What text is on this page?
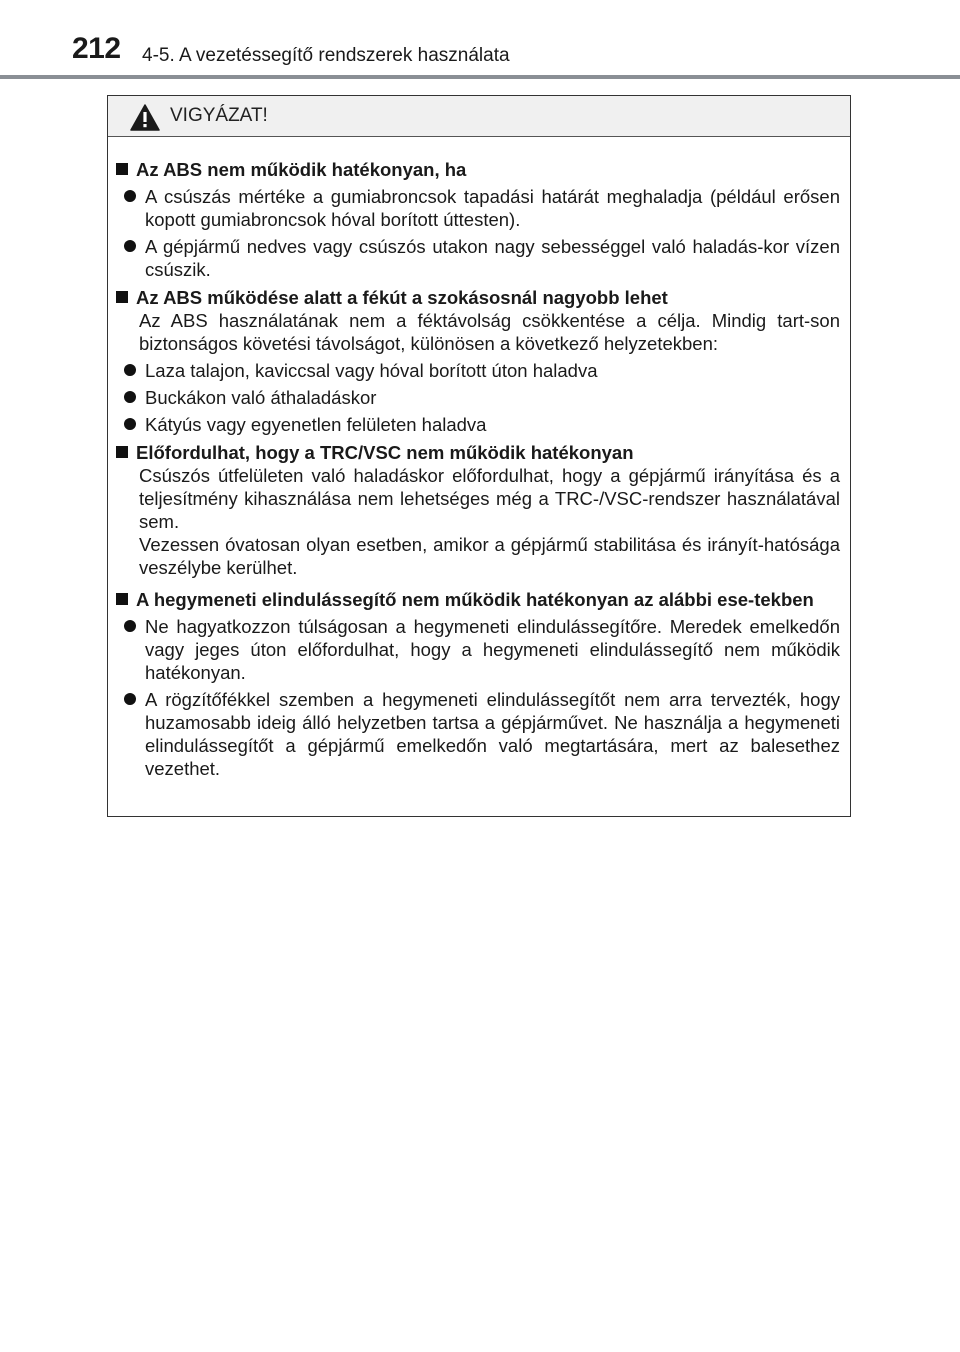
212 4-5. A vezetéssegítő rendszerek használata
VIGYÁZAT!
Az ABS nem működik hatékonyan, ha
A csúszás mértéke a gumiabroncsok tapadási határát meghaladja (például erősen kopott gumiabroncsok hóval borított úttesten).
A gépjármű nedves vagy csúszós utakon nagy sebességgel való haladás-kor vízen csúszik.
Az ABS működése alatt a fékút a szokásosnál nagyobb lehet
Az ABS használatának nem a féktávolság csökkentése a célja. Mindig tart-son biztonságos követési távolságot, különösen a következő helyzetekben:
Laza talajon, kaviccsal vagy hóval borított úton haladva
Buckákon való áthaladáskor
Kátyús vagy egyenetlen felületen haladva
Előfordulhat, hogy a TRC/VSC nem működik hatékonyan
Csúszós útfelületen való haladáskor előfordulhat, hogy a gépjármű irányítása és a teljesítmény kihasználása nem lehetséges még a TRC-/VSC-rendszer használatával sem.
Vezessen óvatosan olyan esetben, amikor a gépjármű stabilitása és irányít-hatósága veszélybe kerülhet.
A hegymeneti elindulássegítő nem működik hatékonyan az alábbi ese-tekben
Ne hagyatkozzon túlságosan a hegymeneti elindulássegítőre. Meredek emelkedőn vagy jeges úton előfordulhat, hogy a hegymeneti elindulássegítő nem működik hatékonyan.
A rögzítőfékkel szemben a hegymeneti elindulássegítőt nem arra tervezték, hogy huzamosabb ideig álló helyzetben tartsa a gépjárművet. Ne használja a hegymeneti elindulássegítőt a gépjármű emelkedőn való megtartására, mert az balesethez vezethet.
